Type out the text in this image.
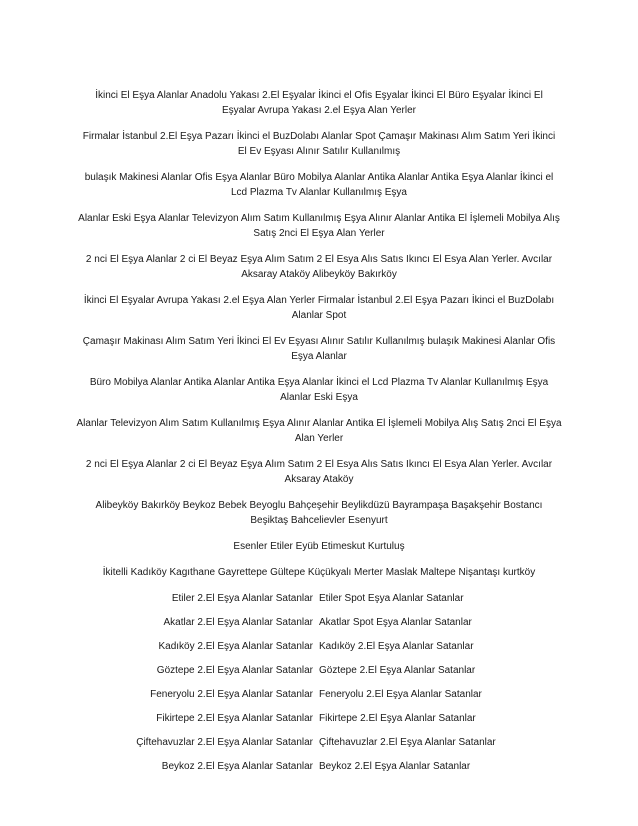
İkinci El Eşya Alanlar Anadolu Yakası 2.El Eşyalar İkinci el Ofis Eşyalar İkinci El Büro Eşyalar İkinci El Eşyalar Avrupa Yakası 2.el Eşya Alan Yerler

Firmalar İstanbul 2.El Eşya Pazarı İkinci el BuzDolabı Alanlar Spot Çamaşır Makinası Alım Satım Yeri İkinci El Ev Eşyası Alınır Satılır Kullanılmış

bulaşık Makinesi Alanlar Ofis Eşya Alanlar Büro Mobilya Alanlar Antika Alanlar Antika Eşya Alanlar İkinci el Lcd Plazma Tv Alanlar Kullanılmış Eşya

Alanlar Eski Eşya Alanlar Televizyon Alım Satım Kullanılmış Eşya Alınır Alanlar Antika El İşlemeli Mobilya Alış Satış 2nci El Eşya Alan Yerler

2 nci El Eşya Alanlar 2 ci El Beyaz Eşya Alım Satım 2 El Esya Alıs Satıs Ikıncı El Esya Alan Yerler. Avcılar Aksaray Ataköy Alibeyköy Bakırköy

İkinci El Eşyalar Avrupa Yakası 2.el Eşya Alan Yerler Firmalar İstanbul 2.El Eşya Pazarı İkinci el BuzDolabı Alanlar Spot

Çamaşır Makinası Alım Satım Yeri İkinci El Ev Eşyası Alınır Satılır Kullanılmış bulaşık Makinesi Alanlar Ofis Eşya Alanlar

Büro Mobilya Alanlar Antika Alanlar Antika Eşya Alanlar İkinci el Lcd Plazma Tv Alanlar Kullanılmış Eşya Alanlar Eski Eşya

Alanlar Televizyon Alım Satım Kullanılmış Eşya Alınır Alanlar Antika El İşlemeli Mobilya Alış Satış 2nci El Eşya Alan Yerler

2 nci El Eşya Alanlar 2 ci El Beyaz Eşya Alım Satım 2 El Esya Alıs Satıs Ikıncı El Esya Alan Yerler. Avcılar Aksaray Ataköy

Alibeyköy Bakırköy Beykoz Bebek Beyoglu Bahçeşehir Beylikdüzü Bayrampaşa Başakşehir Bostancı Beşiktaş Bahcelievler Esenyurt

Esenler Etiler Eyüb Etimeskut Kurtuluş

İkitelli Kadıköy Kagıthane Gayrettepe Gültepe Küçükyalı Merter Maslak Maltepe Nişantaşı kurtköy

Etiler 2.El Eşya Alanlar Satanlar Etiler Spot Eşya Alanlar Satanlar
Akatlar 2.El Eşya Alanlar Satanlar Akatlar Spot Eşya Alanlar Satanlar
Kadıköy 2.El Eşya Alanlar Satanlar Kadıköy 2.El Eşya Alanlar Satanlar
Göztepe 2.El Eşya Alanlar Satanlar Göztepe 2.El Eşya Alanlar Satanlar
Feneryolu 2.El Eşya Alanlar Satanlar Feneryolu 2.El Eşya Alanlar Satanlar
Fikirtepe 2.El Eşya Alanlar Satanlar Fikirtepe 2.El Eşya Alanlar Satanlar
Çiftehavuzlar 2.El Eşya Alanlar Satanlar Çiftehavuzlar 2.El Eşya Alanlar Satanlar
Beykoz 2.El Eşya Alanlar Satanlar Beykoz 2.El Eşya Alanlar Satanlar
